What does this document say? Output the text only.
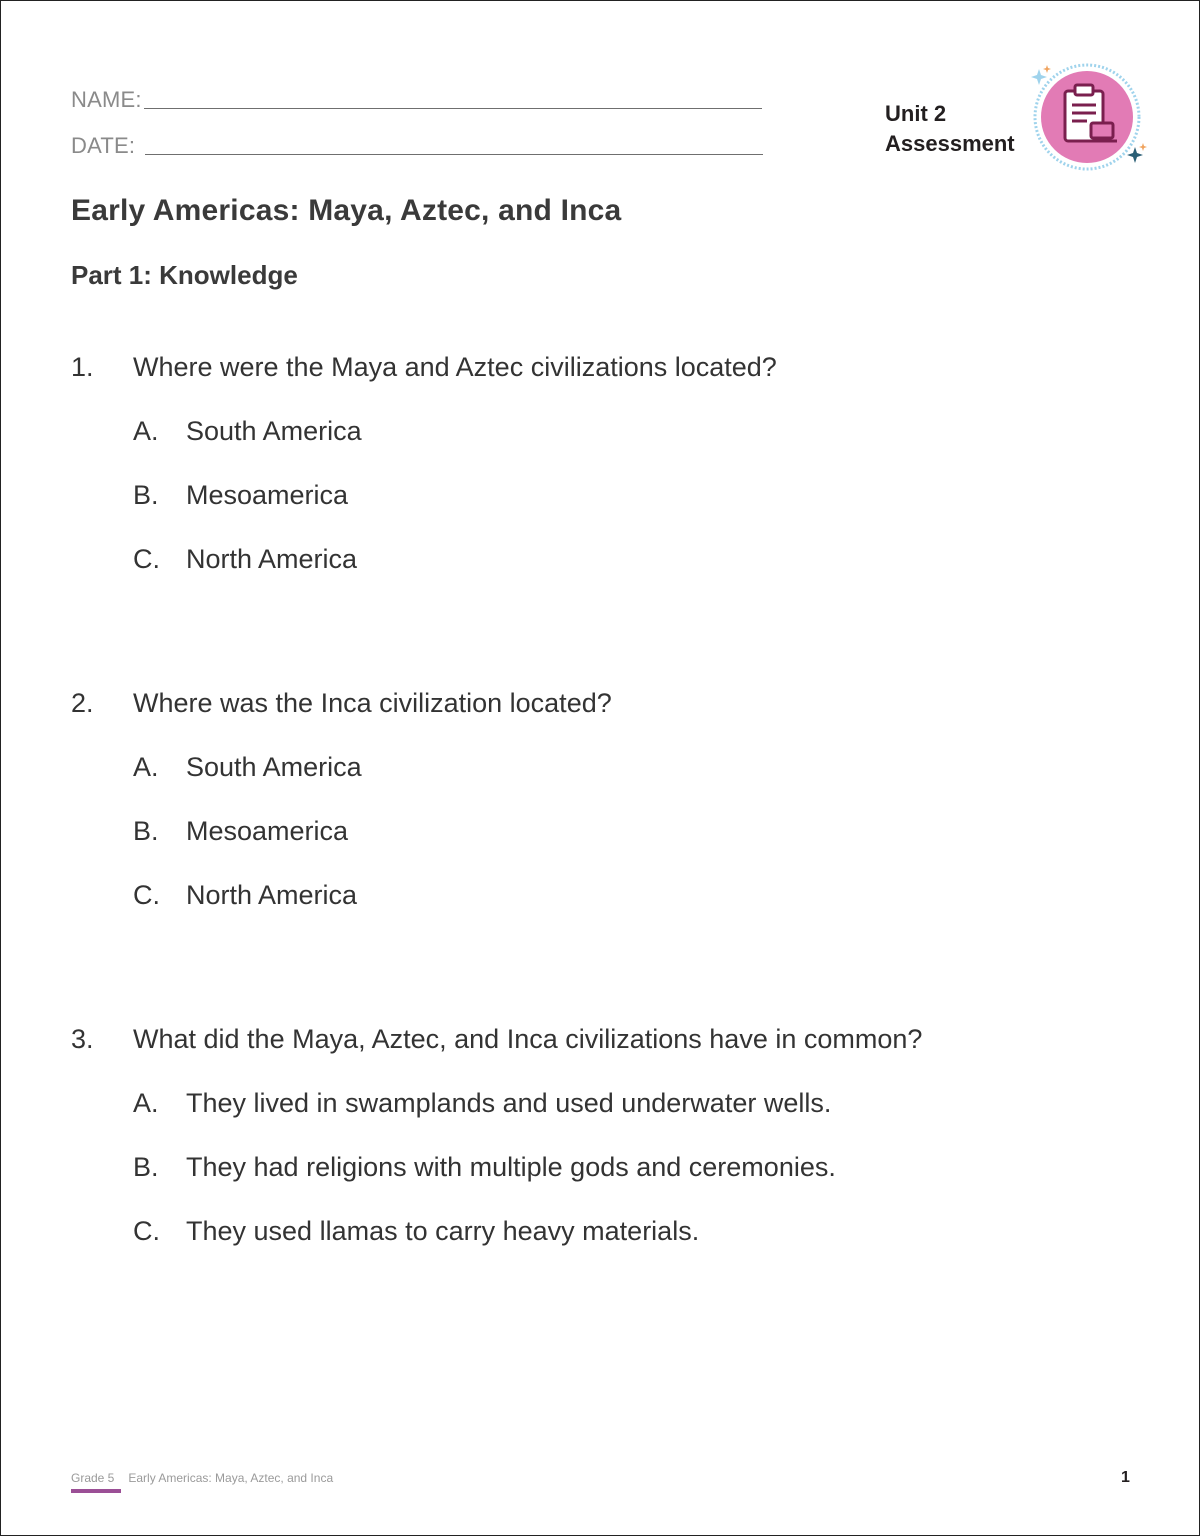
NAME:
DATE:
Unit 2
Assessment
Early Americas: Maya, Aztec, and Inca
Part 1: Knowledge
1.	Where were the Maya and Aztec civilizations located?
A.	South America
B.	Mesoamerica
C. North America
2.	Where was the Inca civilization located?
A.	South America
B.	Mesoamerica
C. North America
3.	What did the Maya, Aztec, and Inca civilizations have in common?
A.	They lived in swamplands and used underwater wells.
B.	They had religions with multiple gods and ceremonies.
C. They used llamas to carry heavy materials.
Grade 5 Early Americas: Maya, Aztec, and Inca	1
